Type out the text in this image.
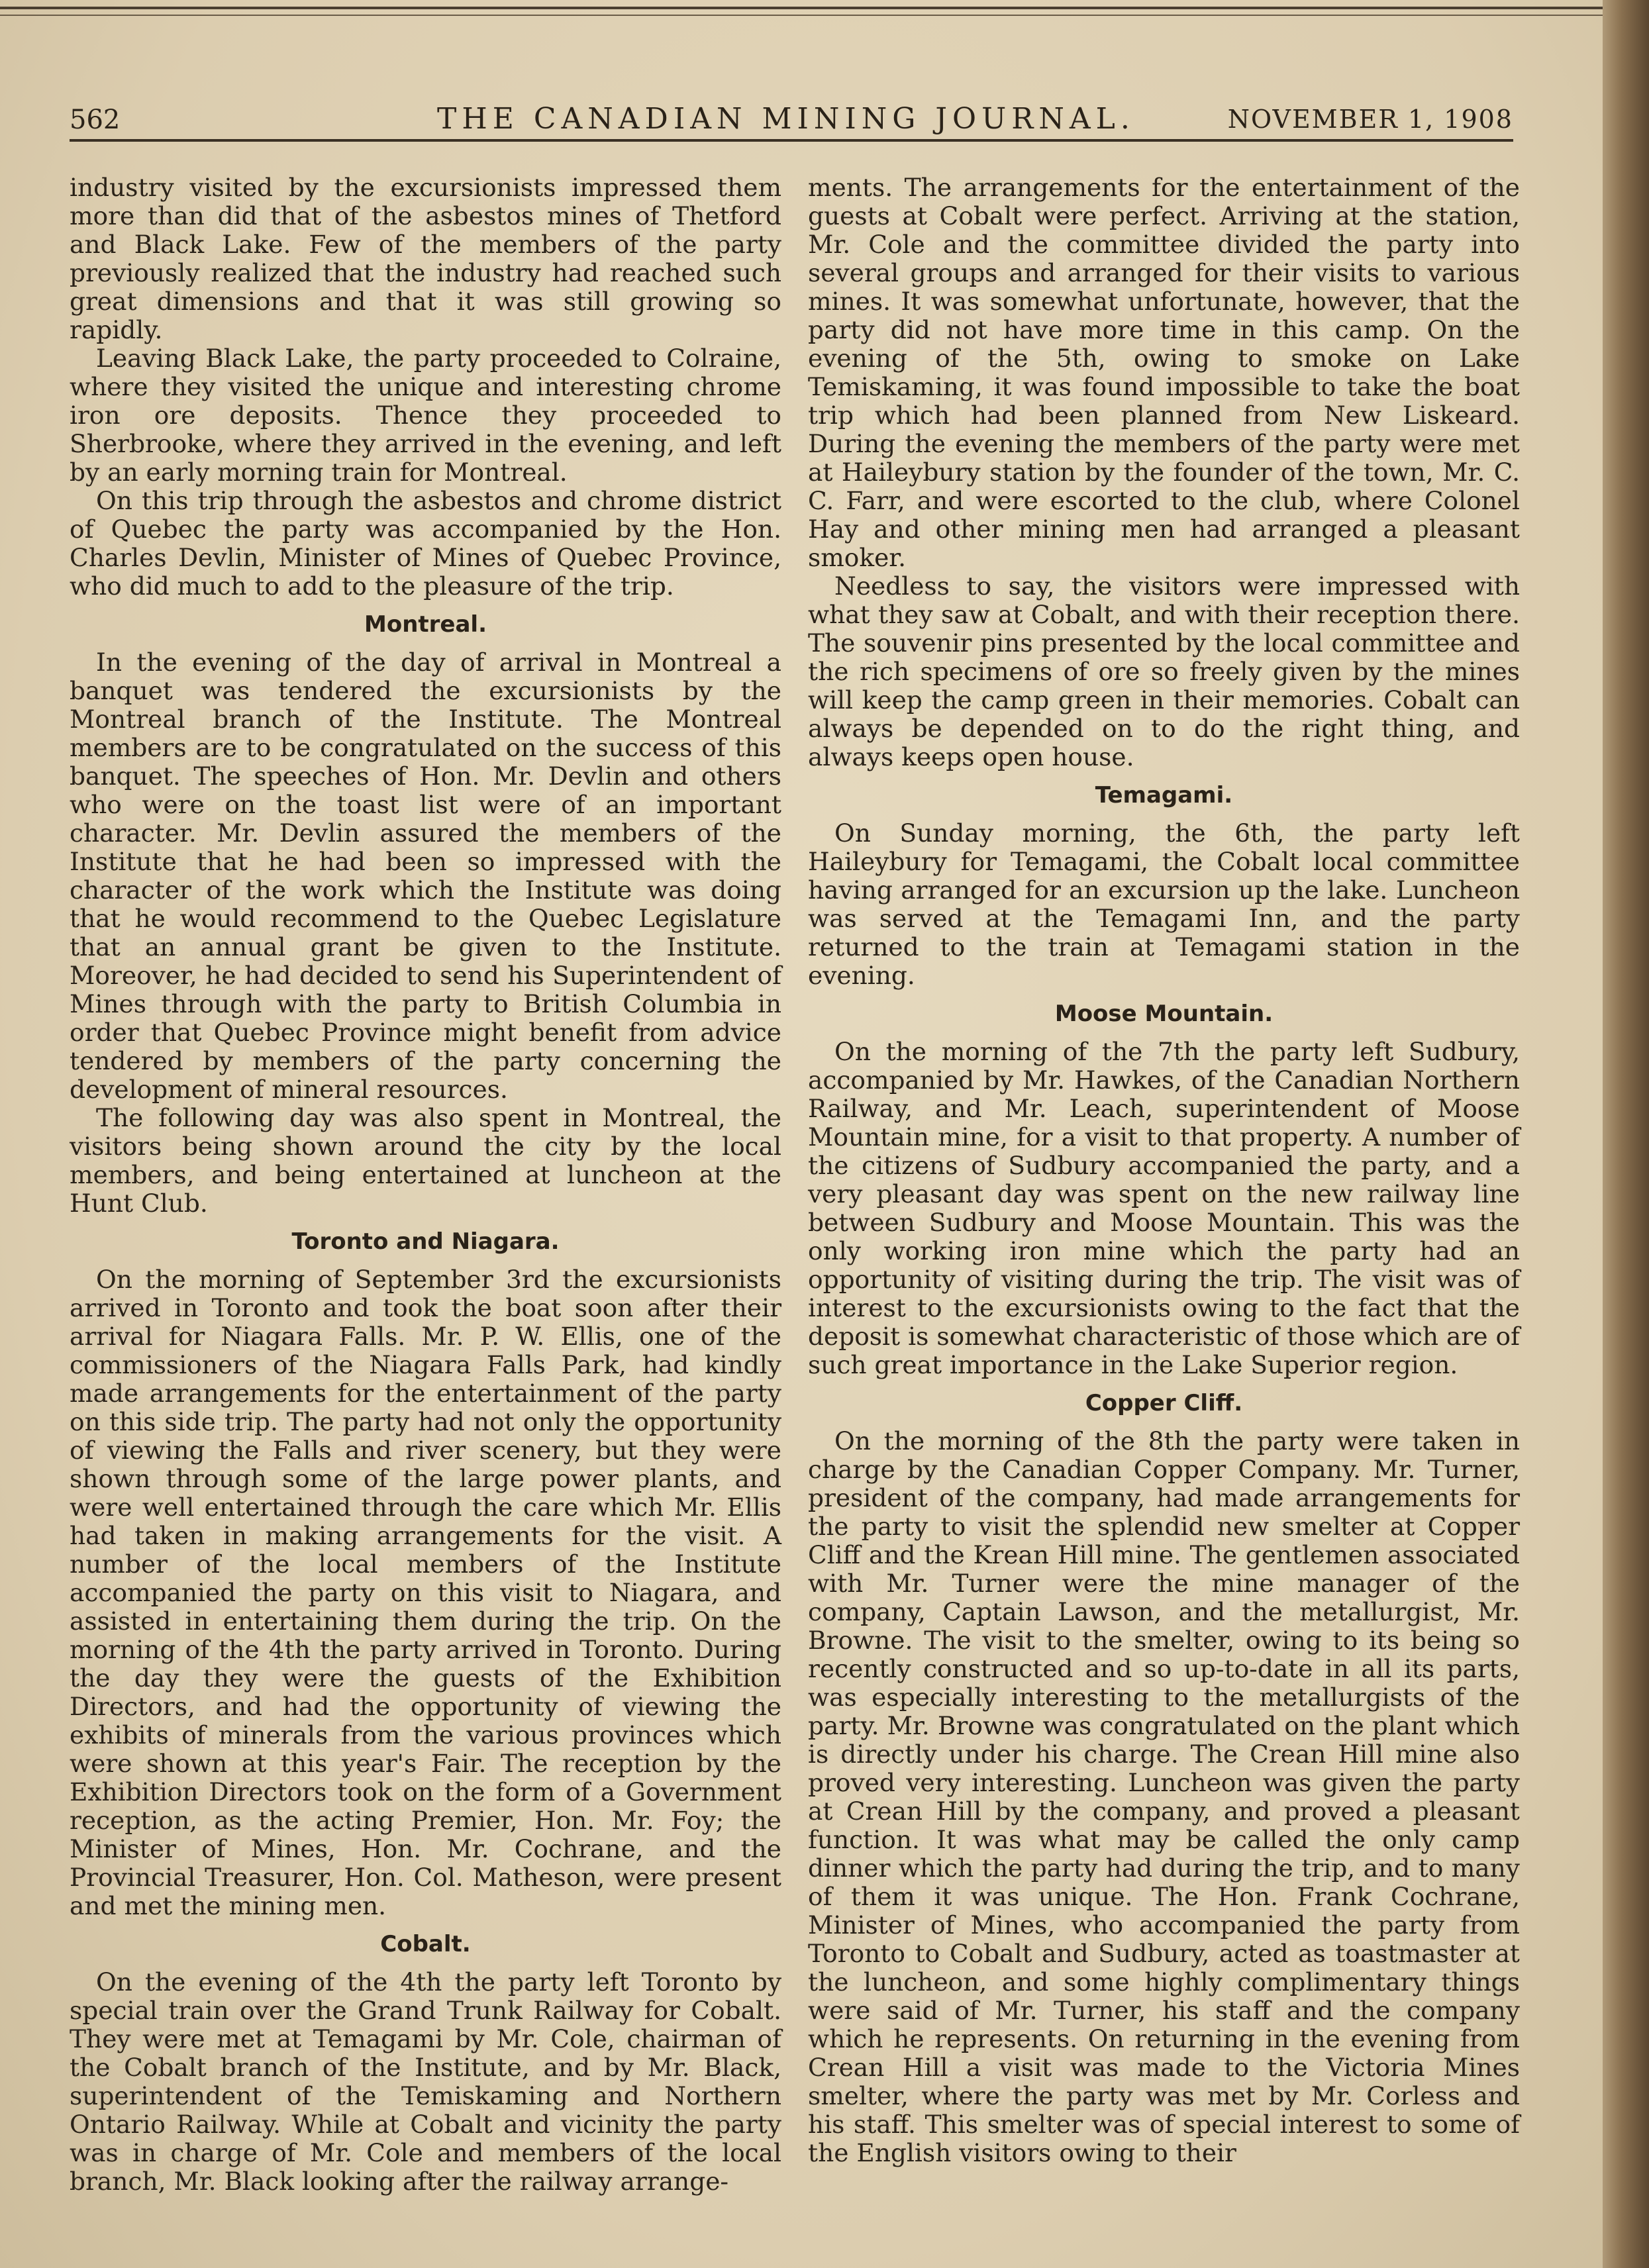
562	THE CANADIAN MINING JOURNAL.	NOVEMBER 1, 1908

industry visited by the excursionists impressed them more than did that of the asbestos mines of Thetford and Black Lake. Few of the members of the party previously realized that the industry had reached such great dimensions and that it was still growing so rapidly.

Leaving Black Lake, the party proceeded to Colraine, where they visited the unique and interesting chrome iron ore deposits. Thence they proceeded to Sherbrooke, where they arrived in the evening, and left by an early morning train for Montreal.

On this trip through the asbestos and chrome district of Quebec the party was accompanied by the Hon. Charles Devlin, Minister of Mines of Quebec Province, who did much to add to the pleasure of the trip.

Montreal.

In the evening of the day of arrival in Montreal a banquet was tendered the excursionists by the Montreal branch of the Institute. The Montreal members are to be congratulated on the success of this banquet. The speeches of Hon. Mr. Devlin and others who were on the toast list were of an important character. Mr. Devlin assured the members of the Institute that he had been so impressed with the character of the work which the Institute was doing that he would recommend to the Quebec Legislature that an annual grant be given to the Institute. Moreover, he had decided to send his Superintendent of Mines through with the party to British Columbia in order that Quebec Province might benefit from advice tendered by members of the party concerning the development of mineral resources.

The following day was also spent in Montreal, the visitors being shown around the city by the local members, and being entertained at luncheon at the Hunt Club.

Toronto and Niagara.

On the morning of September 3rd the excursionists arrived in Toronto and took the boat soon after their arrival for Niagara Falls. Mr. P. W. Ellis, one of the commissioners of the Niagara Falls Park, had kindly made arrangements for the entertainment of the party on this side trip. The party had not only the opportunity of viewing the Falls and river scenery, but they were shown through some of the large power plants, and were well entertained through the care which Mr. Ellis had taken in making arrangements for the visit. A number of the local members of the Institute accompanied the party on this visit to Niagara, and assisted in entertaining them during the trip. On the morning of the 4th the party arrived in Toronto. During the day they were the guests of the Exhibition Directors, and had the opportunity of viewing the exhibits of minerals from the various provinces which were shown at this year's Fair. The reception by the Exhibition Directors took on the form of a Government reception, as the acting Premier, Hon. Mr. Foy; the Minister of Mines, Hon. Mr. Cochrane, and the Provincial Treasurer, Hon. Col. Matheson, were present and met the mining men.

Cobalt.

On the evening of the 4th the party left Toronto by special train over the Grand Trunk Railway for Cobalt. They were met at Temagami by Mr. Cole, chairman of the Cobalt branch of the Institute, and by Mr. Black, superintendent of the Temiskaming and Northern Ontario Railway. While at Cobalt and vicinity the party was in charge of Mr. Cole and members of the local branch, Mr. Black looking after the railway arrange-

ments. The arrangements for the entertainment of the guests at Cobalt were perfect. Arriving at the station, Mr. Cole and the committee divided the party into several groups and arranged for their visits to various mines. It was somewhat unfortunate, however, that the party did not have more time in this camp. On the evening of the 5th, owing to smoke on Lake Temiskaming, it was found impossible to take the boat trip which had been planned from New Liskeard. During the evening the members of the party were met at Haileybury station by the founder of the town, Mr. C. C. Farr, and were escorted to the club, where Colonel Hay and other mining men had arranged a pleasant smoker.

Needless to say, the visitors were impressed with what they saw at Cobalt, and with their reception there. The souvenir pins presented by the local committee and the rich specimens of ore so freely given by the mines will keep the camp green in their memories. Cobalt can always be depended on to do the right thing, and always keeps open house.

Temagami.

On Sunday morning, the 6th, the party left Haileybury for Temagami, the Cobalt local committee having arranged for an excursion up the lake. Luncheon was served at the Temagami Inn, and the party returned to the train at Temagami station in the evening.

Moose Mountain.

On the morning of the 7th the party left Sudbury, accompanied by Mr. Hawkes, of the Canadian Northern Railway, and Mr. Leach, superintendent of Moose Mountain mine, for a visit to that property. A number of the citizens of Sudbury accompanied the party, and a very pleasant day was spent on the new railway line between Sudbury and Moose Mountain. This was the only working iron mine which the party had an opportunity of visiting during the trip. The visit was of interest to the excursionists owing to the fact that the deposit is somewhat characteristic of those which are of such great importance in the Lake Superior region.

Copper Cliff.

On the morning of the 8th the party were taken in charge by the Canadian Copper Company. Mr. Turner, president of the company, had made arrangements for the party to visit the splendid new smelter at Copper Cliff and the Krean Hill mine. The gentlemen associated with Mr. Turner were the mine manager of the company, Captain Lawson, and the metallurgist, Mr. Browne. The visit to the smelter, owing to its being so recently constructed and so up-to-date in all its parts, was especially interesting to the metallurgists of the party. Mr. Browne was congratulated on the plant which is directly under his charge. The Crean Hill mine also proved very interesting. Luncheon was given the party at Crean Hill by the company, and proved a pleasant function. It was what may be called the only camp dinner which the party had during the trip, and to many of them it was unique. The Hon. Frank Cochrane, Minister of Mines, who accompanied the party from Toronto to Cobalt and Sudbury, acted as toastmaster at the luncheon, and some highly complimentary things were said of Mr. Turner, his staff and the company which he represents. On returning in the evening from Crean Hill a visit was made to the Victoria Mines smelter, where the party was met by Mr. Corless and his staff. This smelter was of special interest to some of the English visitors owing to their
